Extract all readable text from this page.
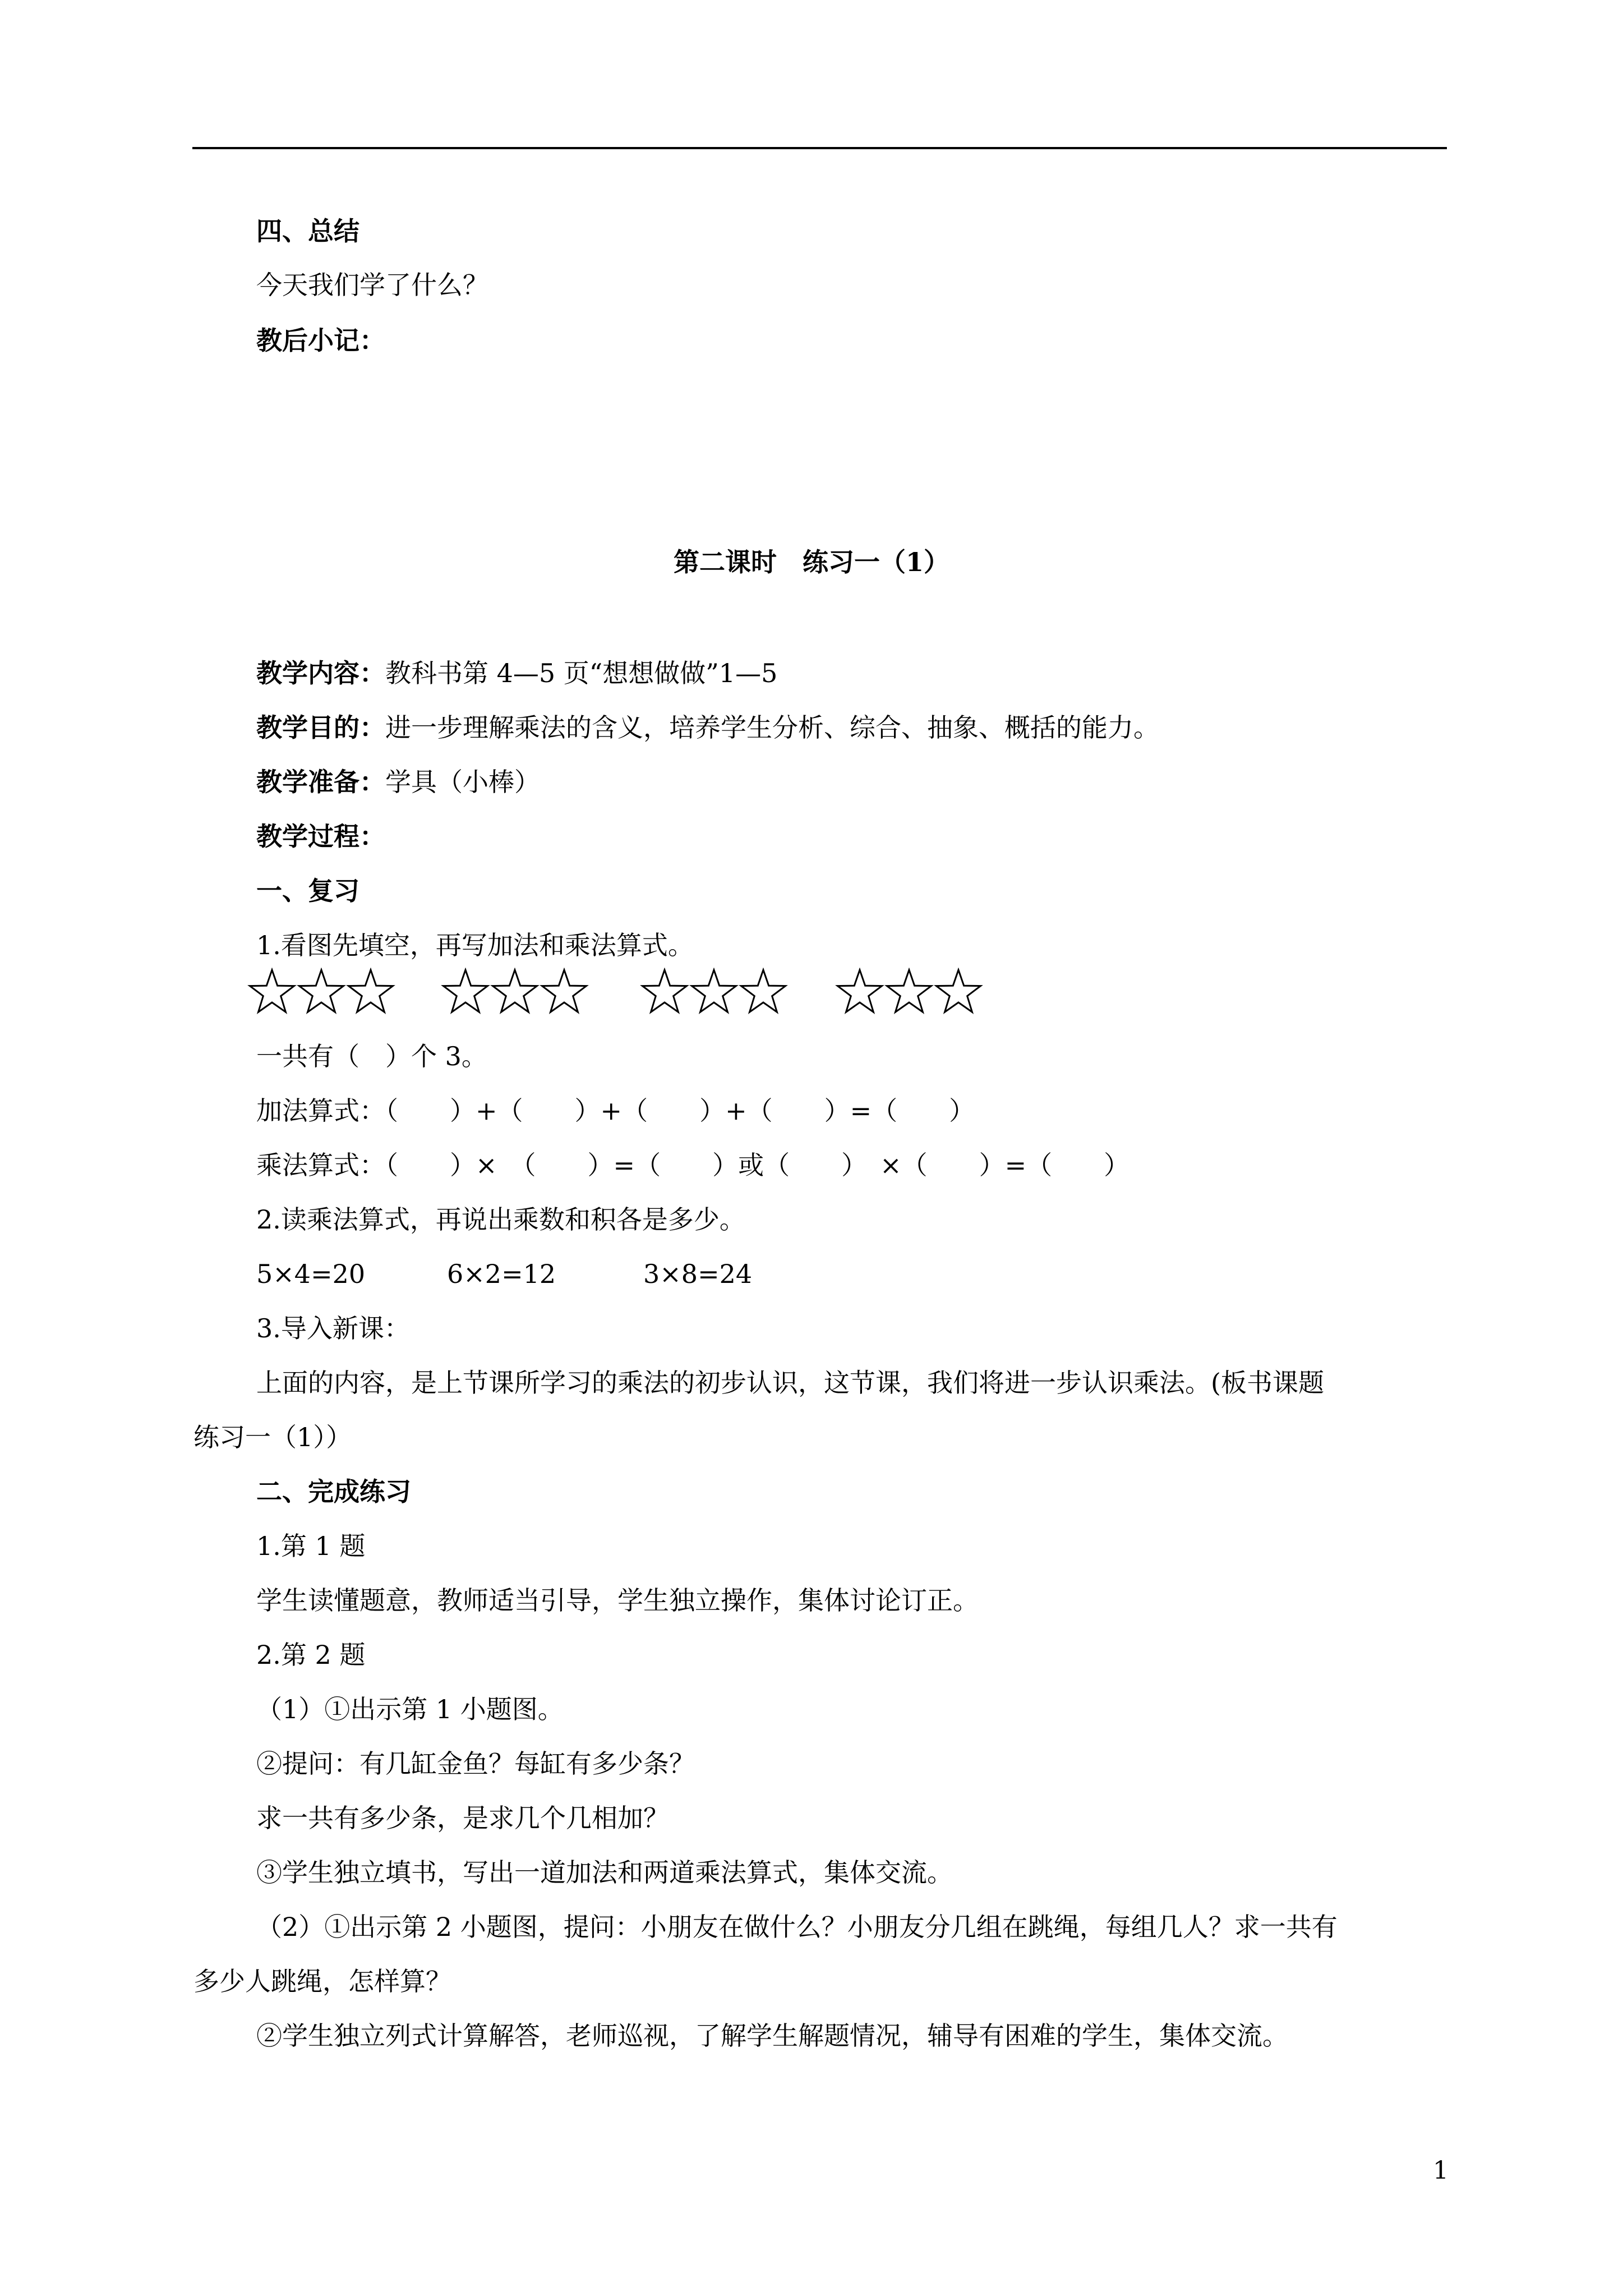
四、总结
今天我们学了什么？
教后小记：
第二课时　练习一（1）
教学内容：教科书第 4—5 页“想想做做”1—5
教学目的：进一步理解乘法的含义，培养学生分析、综合、抽象、概括的能力。
教学准备：学具（小棒）
教学过程：
一、复习
1.看图先填空，再写加法和乘法算式。
一共有（　）个 3。
加法算式：（　　）+（　　）+（　　）+（　　）=（　　）
乘法算式：（　　）×　（　　）=（　　）或（　　）　×（　　）=（　　）
2.读乘法算式，再说出乘数和积各是多少。
5×4=20	6×2=12	3×8=24
3.导入新课：
上面的内容，是上节课所学习的乘法的初步认识，这节课，我们将进一步认识乘法。(板书课题
练习一（1））
二、完成练习
1.第 1 题
学生读懂题意，教师适当引导，学生独立操作，集体讨论订正。
2.第 2 题
（1）①出示第 1 小题图。
②提问：有几缸金鱼？每缸有多少条？
求一共有多少条，是求几个几相加？
③学生独立填书，写出一道加法和两道乘法算式，集体交流。
（2）①出示第 2 小题图，提问：小朋友在做什么？小朋友分几组在跳绳，每组几人？求一共有
多少人跳绳，怎样算？
②学生独立列式计算解答，老师巡视，了解学生解题情况，辅导有困难的学生，集体交流。
1
